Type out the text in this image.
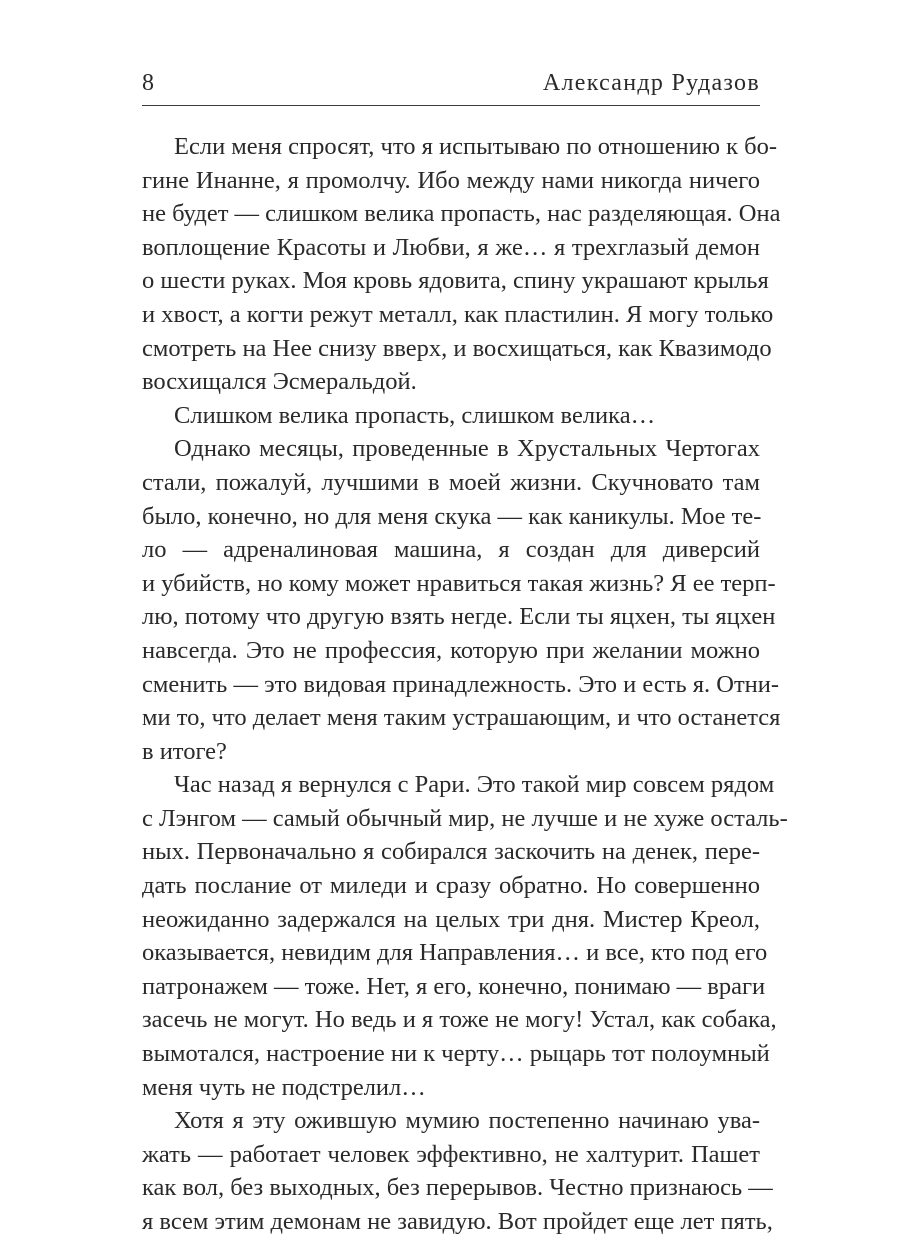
8	Александр Рудазов
Если меня спросят, что я испытываю по отношению к бо-
гине Инанне, я промолчу. Ибо между нами никогда ничего
не будет — слишком велика пропасть, нас разделяющая. Она
воплощение Красоты и Любви, я же… я трехглазый демон
о шести руках. Моя кровь ядовита, спину украшают крылья
и хвост, а когти режут металл, как пластилин. Я могу только
смотреть на Нее снизу вверх, и восхищаться, как Квазимодо
восхищался Эсмеральдой.
Слишком велика пропасть, слишком велика…
Однако месяцы, проведенные в Хрустальных Чертогах
стали, пожалуй, лучшими в моей жизни. Скучновато там
было, конечно, но для меня скука — как каникулы. Мое те-
ло — адреналиновая машина, я создан для диверсий
и убийств, но кому может нравиться такая жизнь? Я ее терп-
лю, потому что другую взять негде. Если ты яцхен, ты яцхен
навсегда. Это не профессия, которую при желании можно
сменить — это видовая принадлежность. Это и есть я. Отни-
ми то, что делает меня таким устрашающим, и что останется
в итоге?
Час назад я вернулся с Рари. Это такой мир совсем рядом
с Лэнгом — самый обычный мир, не лучше и не хуже осталь-
ных. Первоначально я собирался заскочить на денек, пере-
дать послание от миледи и сразу обратно. Но совершенно
неожиданно задержался на целых три дня. Мистер Креол,
оказывается, невидим для Направления… и все, кто под его
патронажем — тоже. Нет, я его, конечно, понимаю — враги
засечь не могут. Но ведь и я тоже не могу! Устал, как собака,
вымотался, настроение ни к черту… рыцарь тот полоумный
меня чуть не подстрелил…
Хотя я эту ожившую мумию постепенно начинаю ува-
жать — работает человек эффективно, не халтурит. Пашет
как вол, без выходных, без перерывов. Честно признаюсь —
я всем этим демонам не завидую. Вот пройдет еще лет пять,
